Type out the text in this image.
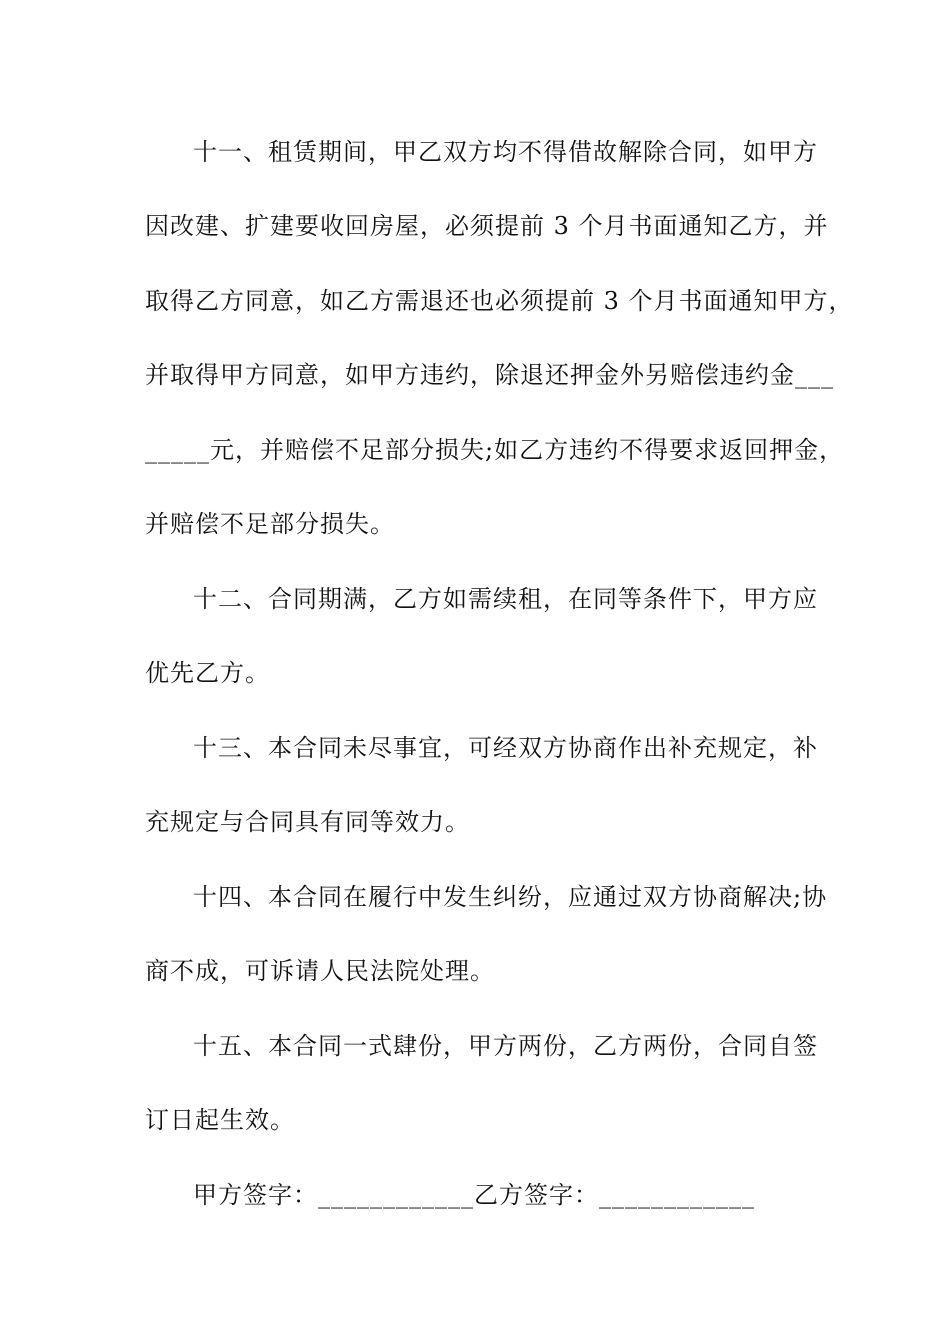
十一、租赁期间，甲乙双方均不得借故解除合同，如甲方
因改建、扩建要收回房屋，必须提前 3 个月书面通知乙方，并
取得乙方同意，如乙方需退还也必须提前 3 个月书面通知甲方，
并取得甲方同意，如甲方违约，除退还押金外另赔偿违约金___
_____元，并赔偿不足部分损失;如乙方违约不得要求返回押金，
并赔偿不足部分损失。
十二、合同期满，乙方如需续租，在同等条件下，甲方应
优先乙方。
十三、本合同未尽事宜，可经双方协商作出补充规定，补
充规定与合同具有同等效力。
十四、本合同在履行中发生纠纷，应通过双方协商解决;协
商不成，可诉请人民法院处理。
十五、本合同一式肆份，甲方两份，乙方两份，合同自签
订日起生效。
甲方签字：____________乙方签字：____________
